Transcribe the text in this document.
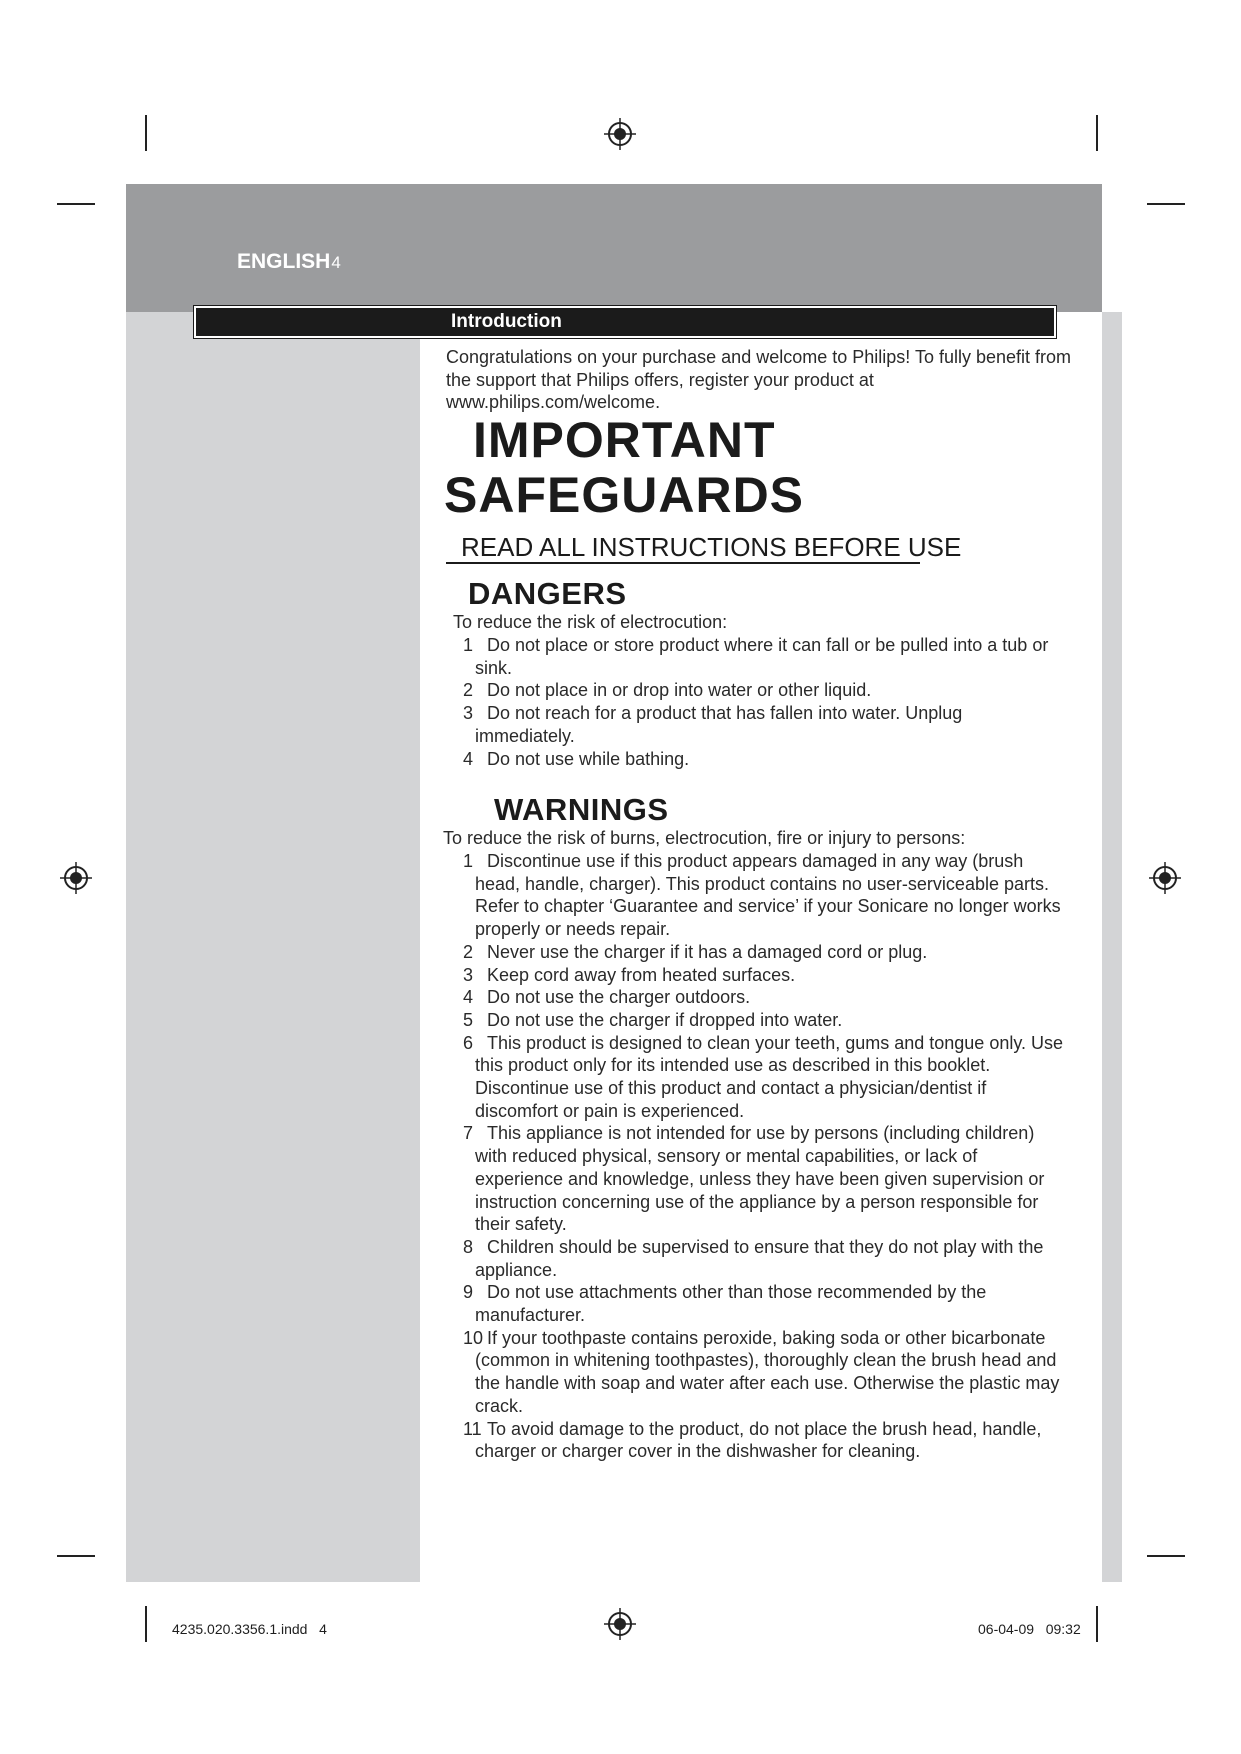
ENGLISH4
Introduction
Congratulations on your purchase and welcome to Philips! To fully benefit from the support that Philips offers, register your product at www.philips.com/welcome.
IMPORTANT
SAFEGUARDS
READ ALL INSTRUCTIONS BEFORE USE
DANGERS
To reduce the risk of electrocution:
1 Do not place or store product where it can fall or be pulled into a tub or sink.
2 Do not place in or drop into water or other liquid.
3 Do not reach for a product that has fallen into water. Unplug immediately.
4 Do not use while bathing.
WARNINGS
To reduce the risk of burns, electrocution, fire or injury to persons:
1 Discontinue use if this product appears damaged in any way (brush head, handle, charger). This product contains no user-serviceable parts. Refer to chapter ‘Guarantee and service’ if your Sonicare no longer works properly or needs repair.
2 Never use the charger if it has a damaged cord or plug.
3 Keep cord away from heated surfaces.
4 Do not use the charger outdoors.
5 Do not use the charger if dropped into water.
6 This product is designed to clean your teeth, gums and tongue only. Use this product only for its intended use as described in this booklet. Discontinue use of this product and contact a physician/dentist if discomfort or pain is experienced.
7 This appliance is not intended for use by persons (including children) with reduced physical, sensory or mental capabilities, or lack of experience and knowledge, unless they have been given supervision or instruction concerning use of the appliance by a person responsible for their safety.
8 Children should be supervised to ensure that they do not play with the appliance.
9 Do not use attachments other than those recommended by the manufacturer.
10 If your toothpaste contains peroxide, baking soda or other bicarbonate (common in whitening toothpastes), thoroughly clean the brush head and the handle with soap and water after each use. Otherwise the plastic may crack.
11 To avoid damage to the product, do not place the brush head, handle, charger or charger cover in the dishwasher for cleaning.
4235.020.3356.1.indd   4	06-04-09   09:32
